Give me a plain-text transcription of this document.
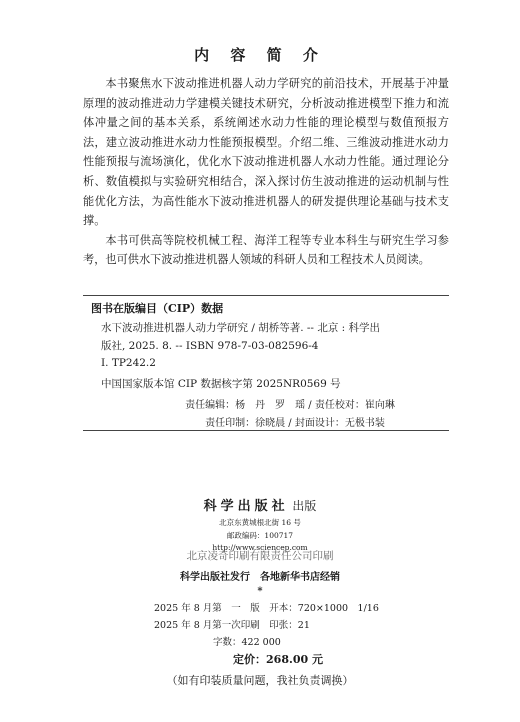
内 容 简 介

本书聚焦水下波动推进机器人动力学研究的前沿技术，开展基于冲量原理的波动推进动力学建模关键技术研究，分析波动推进模型下推力和流体冲量之间的基本关系，系统阐述水动力性能的理论模型与数值预报方法，建立波动推进水动力性能预报模型。介绍二维、三维波动推进水动力性能预报与流场演化，优化水下波动推进机器人水动力性能。通过理论分析、数值模拟与实验研究相结合，深入探讨仿生波动推进的运动机制与性能优化方法，为高性能水下波动推进机器人的研发提供理论基础与技术支撑。

本书可供高等院校机械工程、海洋工程等专业本科生与研究生学习参考，也可供水下波动推进机器人领域的科研人员和工程技术人员阅读。

图书在版编目（CIP）数据
水下波动推进机器人动力学研究 / 胡桥等著. -- 北京 : 科学出
版社, 2025. 8. -- ISBN 978-7-03-082596-4
Ⅰ. TP242.2
中国国家版本馆 CIP 数据核字第 2025NR0569 号
责任编辑：杨　丹　罗　瑶 / 责任校对：崔向琳
责任印制：徐晓晨 / 封面设计：无极书装
科学出版社 出版
北京东黄城根北街 16 号
邮政编码：100717
http://www.sciencep.com
北京凌奇印刷有限责任公司印刷
科学出版社发行　各地新华书店经销
*
2025 年 8 月第　一　版　开本：720×1000　1/16
2025 年 8 月第一次印刷　印张：21
字数：422 000
定价：268.00 元
（如有印装质量问题，我社负责调换）
